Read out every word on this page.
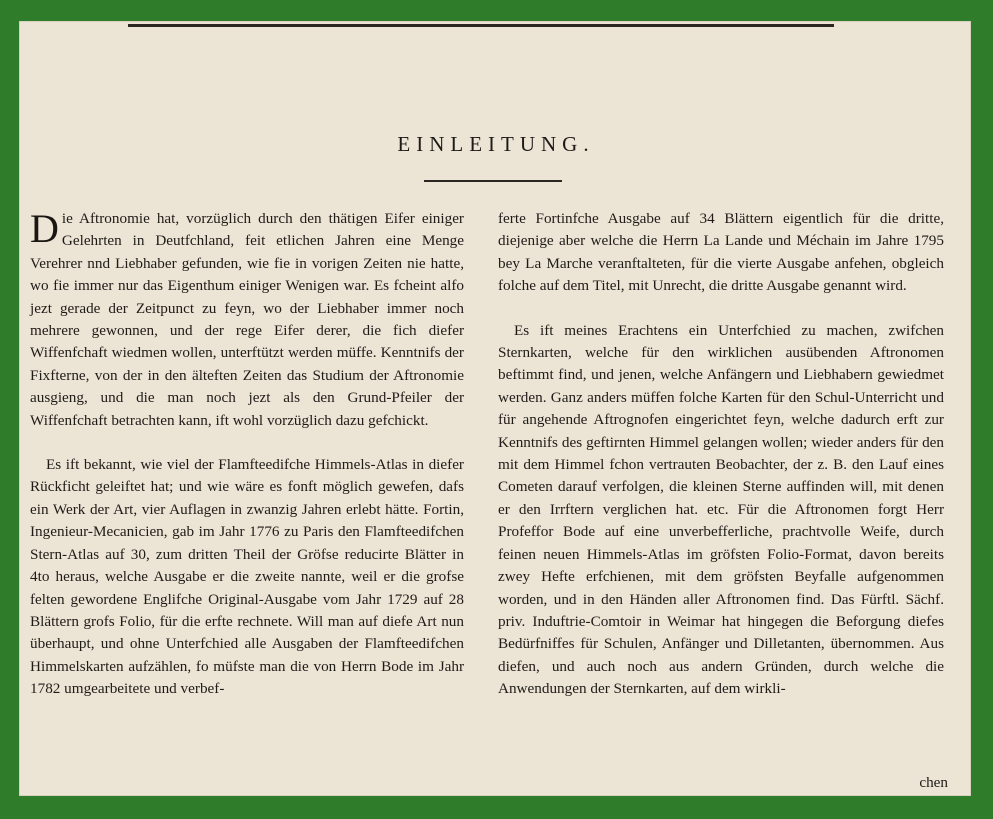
EINLEITUNG.

Die Aftronomie hat, vorzüglich durch den thätigen Eifer einiger Gelehrten in Deutfchland, feit etlichen Jahren eine Menge Verehrer nnd Liebhaber gefunden, wie fie in vorigen Zeiten nie hatte, wo fie immer nur das Eigenthum einiger Wenigen war. Es fcheint alfo jezt gerade der Zeitpunct zu feyn, wo der Liebhaber immer noch mehrere gewonnen, und der rege Eifer derer, die fich diefer Wiffenfchaft wiedmen wollen, unterftützt werden müffe. Kenntnifs der Fixfterne, von der in den älteften Zeiten das Studium der Aftronomie ausgieng, und die man noch jezt als den Grund-Pfeiler der Wiffenfchaft betrachten kann, ift wohl vorzüglich dazu gefchickt.

Es ift bekannt, wie viel der Flamfteedifche Himmels-Atlas in diefer Rückficht geleiftet hat; und wie wäre es fonft möglich gewefen, dafs ein Werk der Art, vier Auflagen in zwanzig Jahren erlebt hätte. Fortin, Ingenieur-Mecanicien, gab im Jahr 1776 zu Paris den Flamfteedifchen Stern-Atlas auf 30, zum dritten Theil der Gröfse reducirte Blätter in 4to heraus, welche Ausgabe er die zweite nannte, weil er die grofse felten gewordene Englifche Original-Ausgabe vom Jahr 1729 auf 28 Blättern grofs Folio, für die erfte rechnete. Will man auf diefe Art nun überhaupt, und ohne Unterfchied alle Ausgaben der Flamfteedifchen Himmelskarten aufzählen, fo müfste man die von Herrn Bode im Jahr 1782 umgearbeitete und verbef-

ferte Fortinfche Ausgabe auf 34 Blättern eigentlich für die dritte, diejenige aber welche die Herrn La Lande und Méchain im Jahre 1795 bey La Marche veranftalteten, für die vierte Ausgabe anfehen, obgleich folche auf dem Titel, mit Unrecht, die dritte Ausgabe genannt wird.

Es ift meines Erachtens ein Unterfchied zu machen, zwifchen Sternkarten, welche für den wirklichen ausübenden Aftronomen beftimmt find, und jenen, welche Anfängern und Liebhabern gewiedmet werden. Ganz anders müffen folche Karten für den Schul-Unterricht und für angehende Aftrognofen eingerichtet feyn, welche dadurch erft zur Kenntnifs des geftirnten Himmel gelangen wollen; wieder anders für den mit dem Himmel fchon vertrauten Beobachter, der z. B. den Lauf eines Cometen darauf verfolgen, die kleinen Sterne auffinden will, mit denen er den Irrftern verglichen hat. etc. Für die Aftronomen forgt Herr Profeffor Bode auf eine unverbefferliche, prachtvolle Weife, durch feinen neuen Himmels-Atlas im gröfsten Folio-Format, davon bereits zwey Hefte erfchienen, mit dem gröfsten Beyfalle aufgenommen worden, und in den Händen aller Aftronomen find. Das Fürftl. Sächf. priv. Induftrie-Comtoir in Weimar hat hingegen die Beforgung diefes Bedürfniffes für Schulen, Anfänger und Dilletanten, übernommen. Aus diefen, und auch noch aus andern Gründen, durch welche die Anwendungen der Sternkarten, auf dem wirkli-

chen
